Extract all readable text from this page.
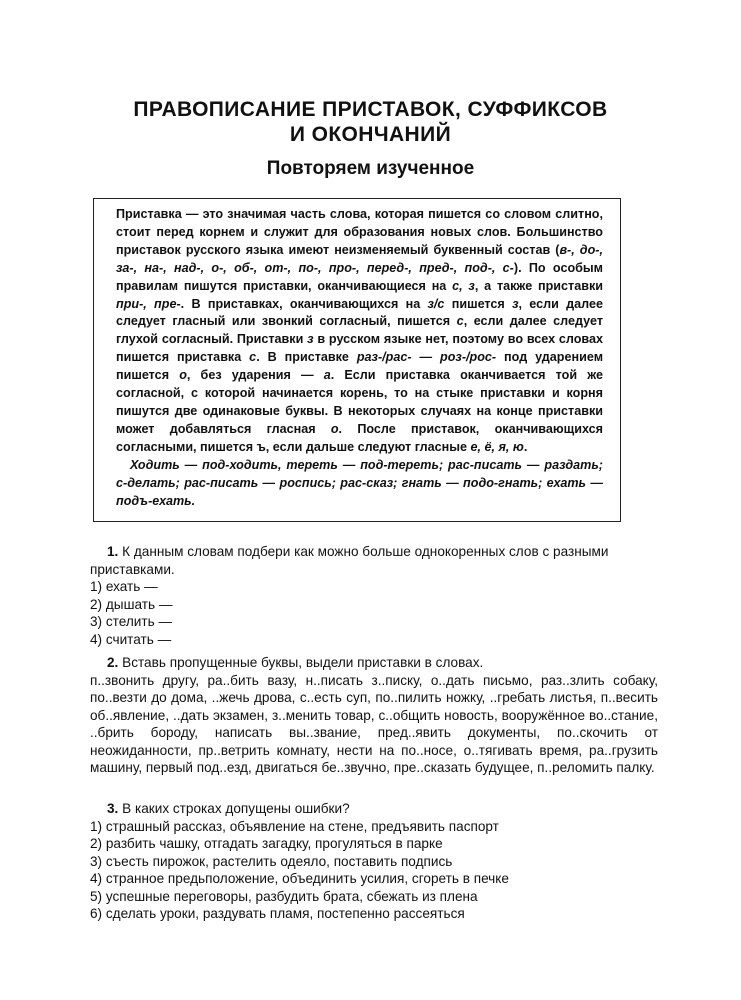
ПРАВОПИСАНИЕ ПРИСТАВОК, СУФФИКСОВ
И ОКОНЧАНИЙ
Повторяем изученное

Приставка — это значимая часть слова, которая пишется со словом слитно, стоит перед корнем и служит для образования новых слов. Большинство приставок русского языка имеют неизменяемый буквенный состав (в-, до-, за-, на-, над-, о-, об-, от-, по-, про-, перед-, пред-, под-, с-). По особым правилам пишутся приставки, оканчивающиеся на с, з, а также приставки при-, пре-. В приставках, оканчивающихся на з/с пишется з, если далее следует гласный или звонкий согласный, пишется с, если далее следует глухой согласный. Приставки з в русском языке нет, поэтому во всех словах пишется приставка с. В приставке раз-/рас- — роз-/рос- под ударением пишется о, без ударения — а. Если приставка оканчивается той же согласной, с которой начинается корень, то на стыке приставки и корня пишутся две одинаковые буквы. В некоторых случаях на конце приставки может добавляться гласная о. После приставок, оканчивающихся согласными, пишется ъ, если дальше следуют гласные е, ё, я, ю.

Ходить — под-ходить, тереть — под-тереть; рас-писать — раздать; с-делать; рас-писать — роспись; рас-сказ; гнать — подо-гнать; ехать — подъ-ехать.

1. К данным словам подбери как можно больше однокоренных слов с разными приставками.

1) ехать —
2) дышать —
3) стелить —
4) считать —

2. Вставь пропущенные буквы, выдели приставки в словах.

п..звонить другу, ра..бить вазу, н..писать з..писку, о..дать письмо, раз..злить собаку, по..везти до дома, ..жечь дрова, с..есть суп, по..пилить ножку, ..гребать листья, п..весить об..явление, ..дать экзамен, з..менить товар, с..общить новость, вооружённое во..стание, ..брить бороду, написать вы..звание, пред..явить документы, по..скочить от неожиданности, пр..ветрить комнату, нести на по..носе, о..тягивать время, ра..грузить машину, первый под..езд, двигаться бе..звучно, пре..сказать будущее, п..реломить палку.

3. В каких строках допущены ошибки?

1) страшный рассказ, объявление на стене, предъявить паспорт
2) разбить чашку, отгадать загадку, прогуляться в парке
3) съесть пирожок, растелить одеяло, поставить подпись
4) странное предьположение, объединить усилия, сгореть в печке
5) успешные переговоры, разбудить брата, сбежать из плена
6) сделать уроки, раздувать пламя, постепенно рассеяться
